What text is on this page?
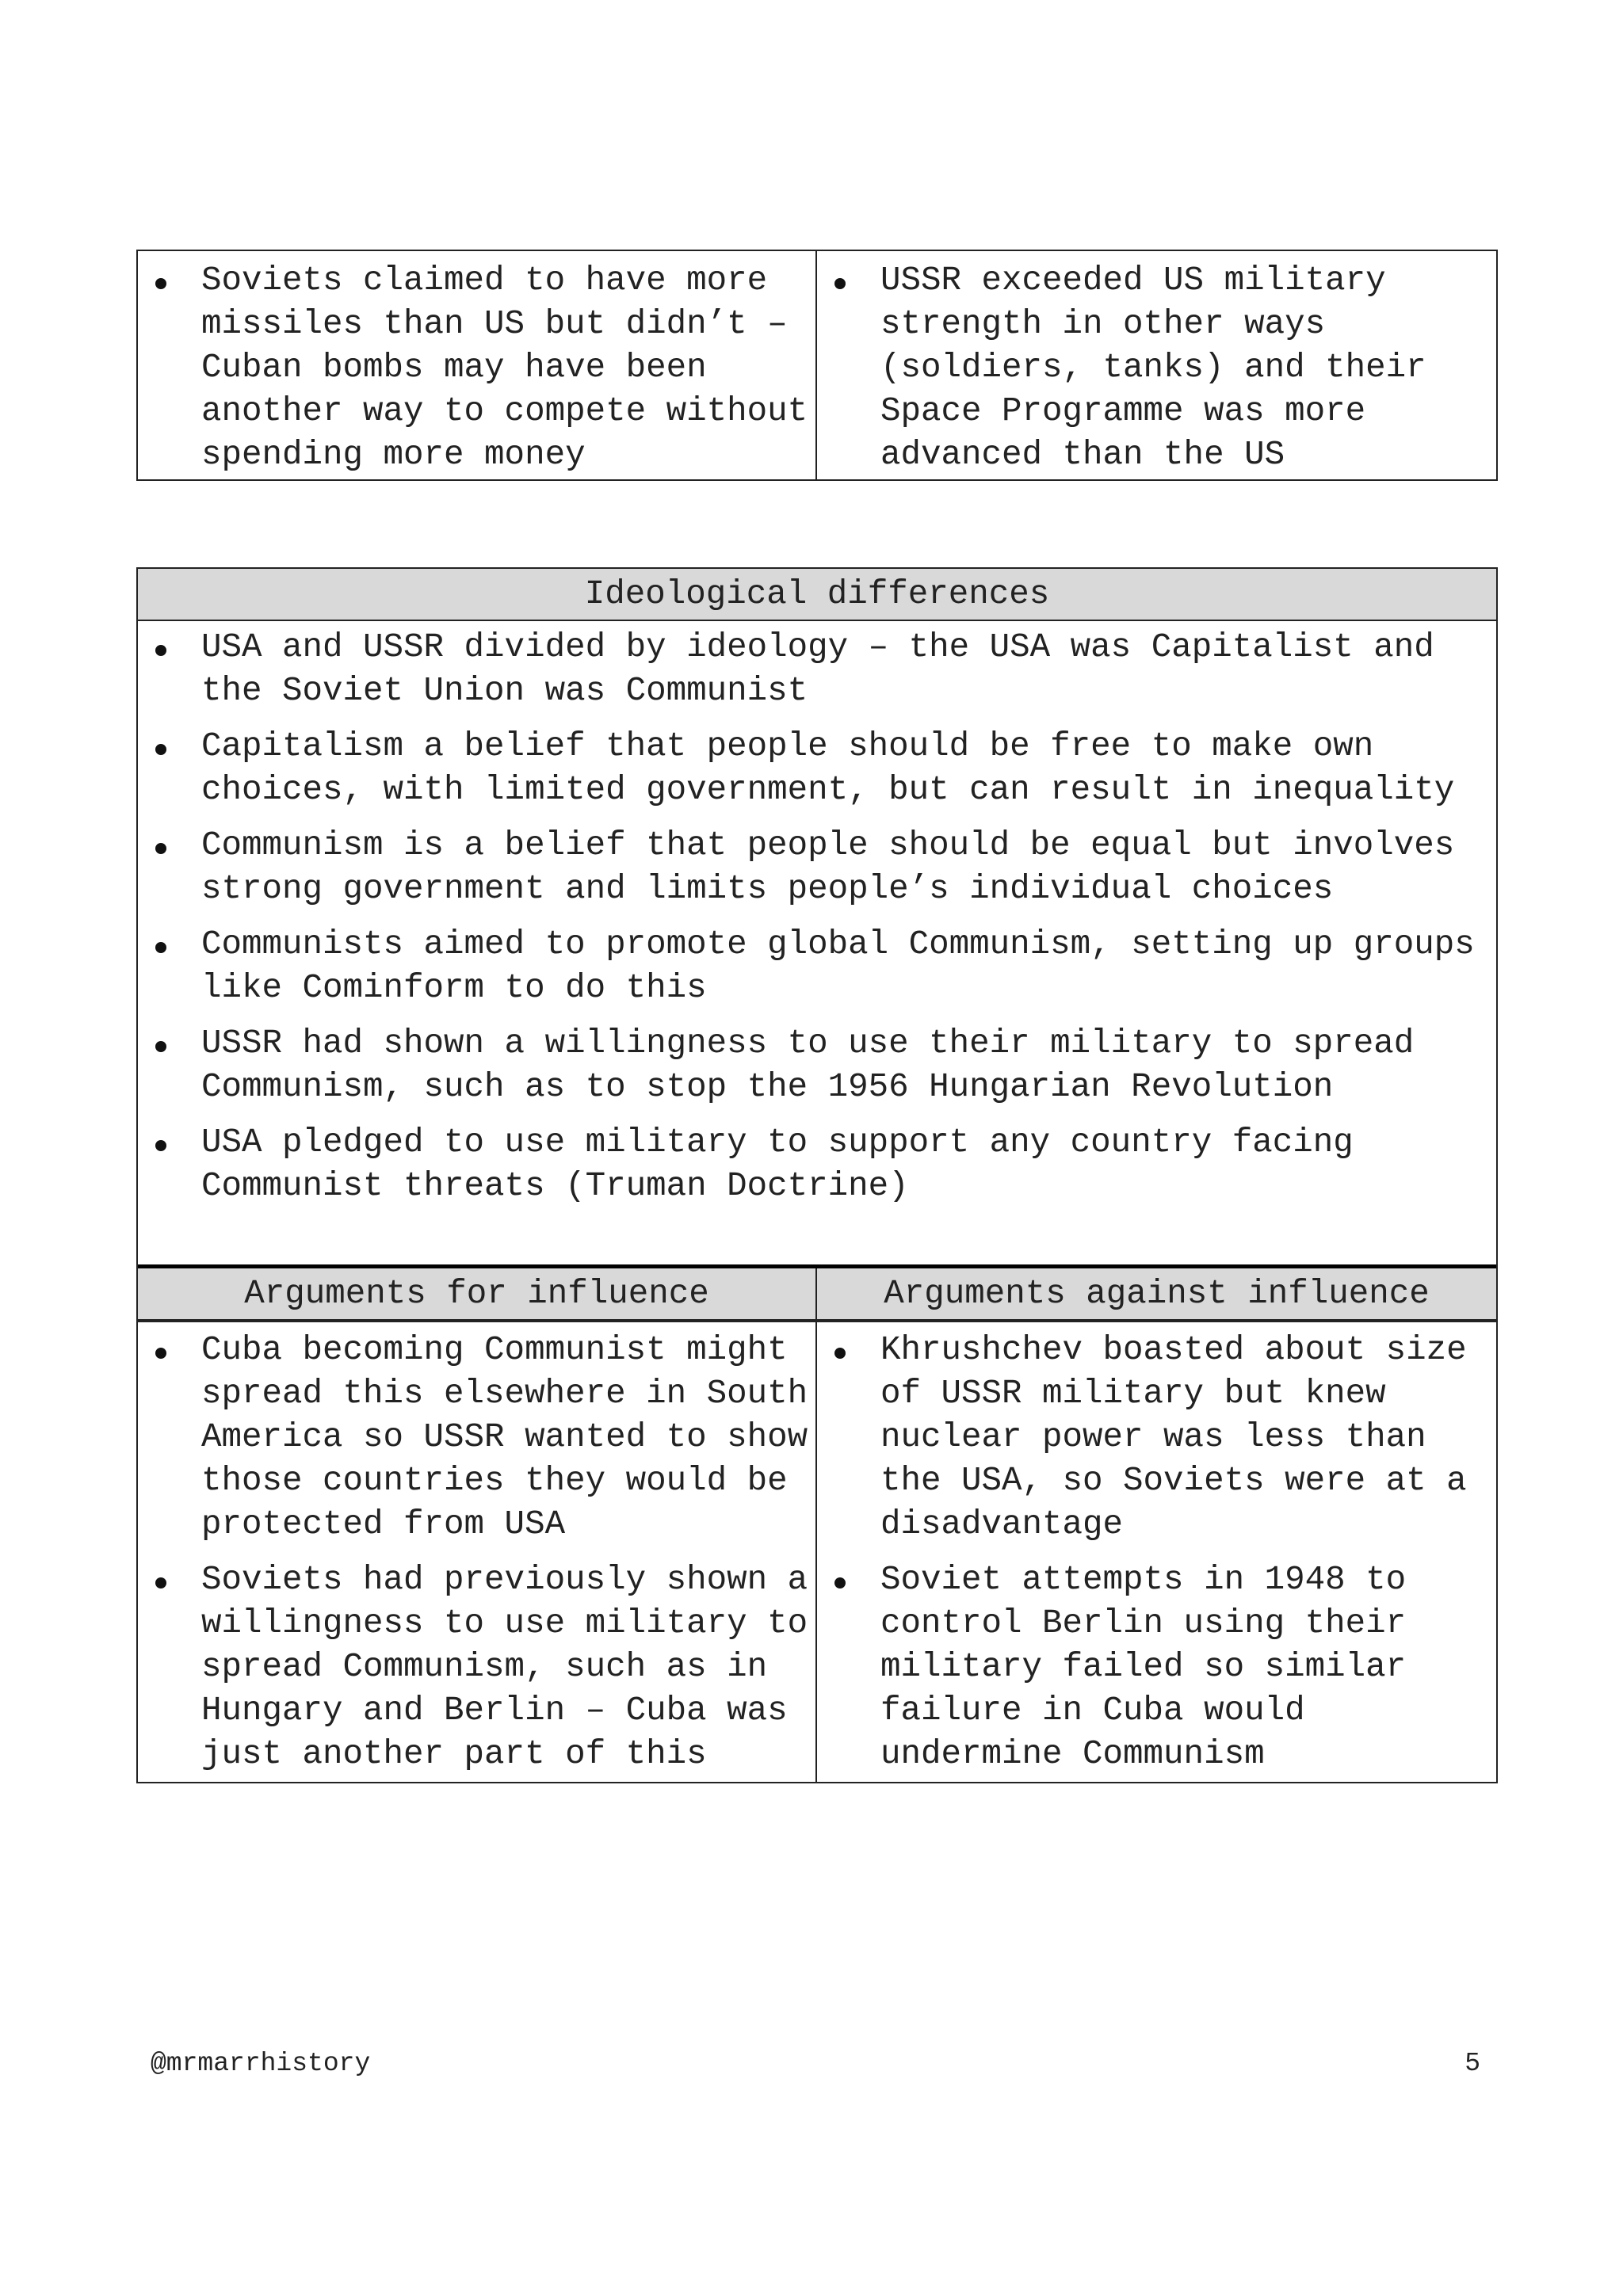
Soviets claimed to have more missiles than US but didn’t – Cuban bombs may have been another way to compete without spending more money
USSR exceeded US military strength in other ways (soldiers, tanks) and their Space Programme was more advanced than the US
Ideological differences
USA and USSR divided by ideology – the USA was Capitalist and the Soviet Union was Communist
Capitalism a belief that people should be free to make own choices, with limited government, but can result in inequality
Communism is a belief that people should be equal but involves strong government and limits people’s individual choices
Communists aimed to promote global Communism, setting up groups like Cominform to do this
USSR had shown a willingness to use their military to spread Communism, such as to stop the 1956 Hungarian Revolution
USA pledged to use military to support any country facing Communist threats (Truman Doctrine)
Arguments for influence	Arguments against influence
Cuba becoming Communist might spread this elsewhere in South America so USSR wanted to show those countries they would be protected from USA
Soviets had previously shown a willingness to use military to spread Communism, such as in Hungary and Berlin – Cuba was just another part of this
Khrushchev boasted about size of USSR military but knew nuclear power was less than the USA, so Soviets were at a disadvantage
Soviet attempts in 1948 to control Berlin using their military failed so similar failure in Cuba would undermine Communism
@mrmarrhistory	5
